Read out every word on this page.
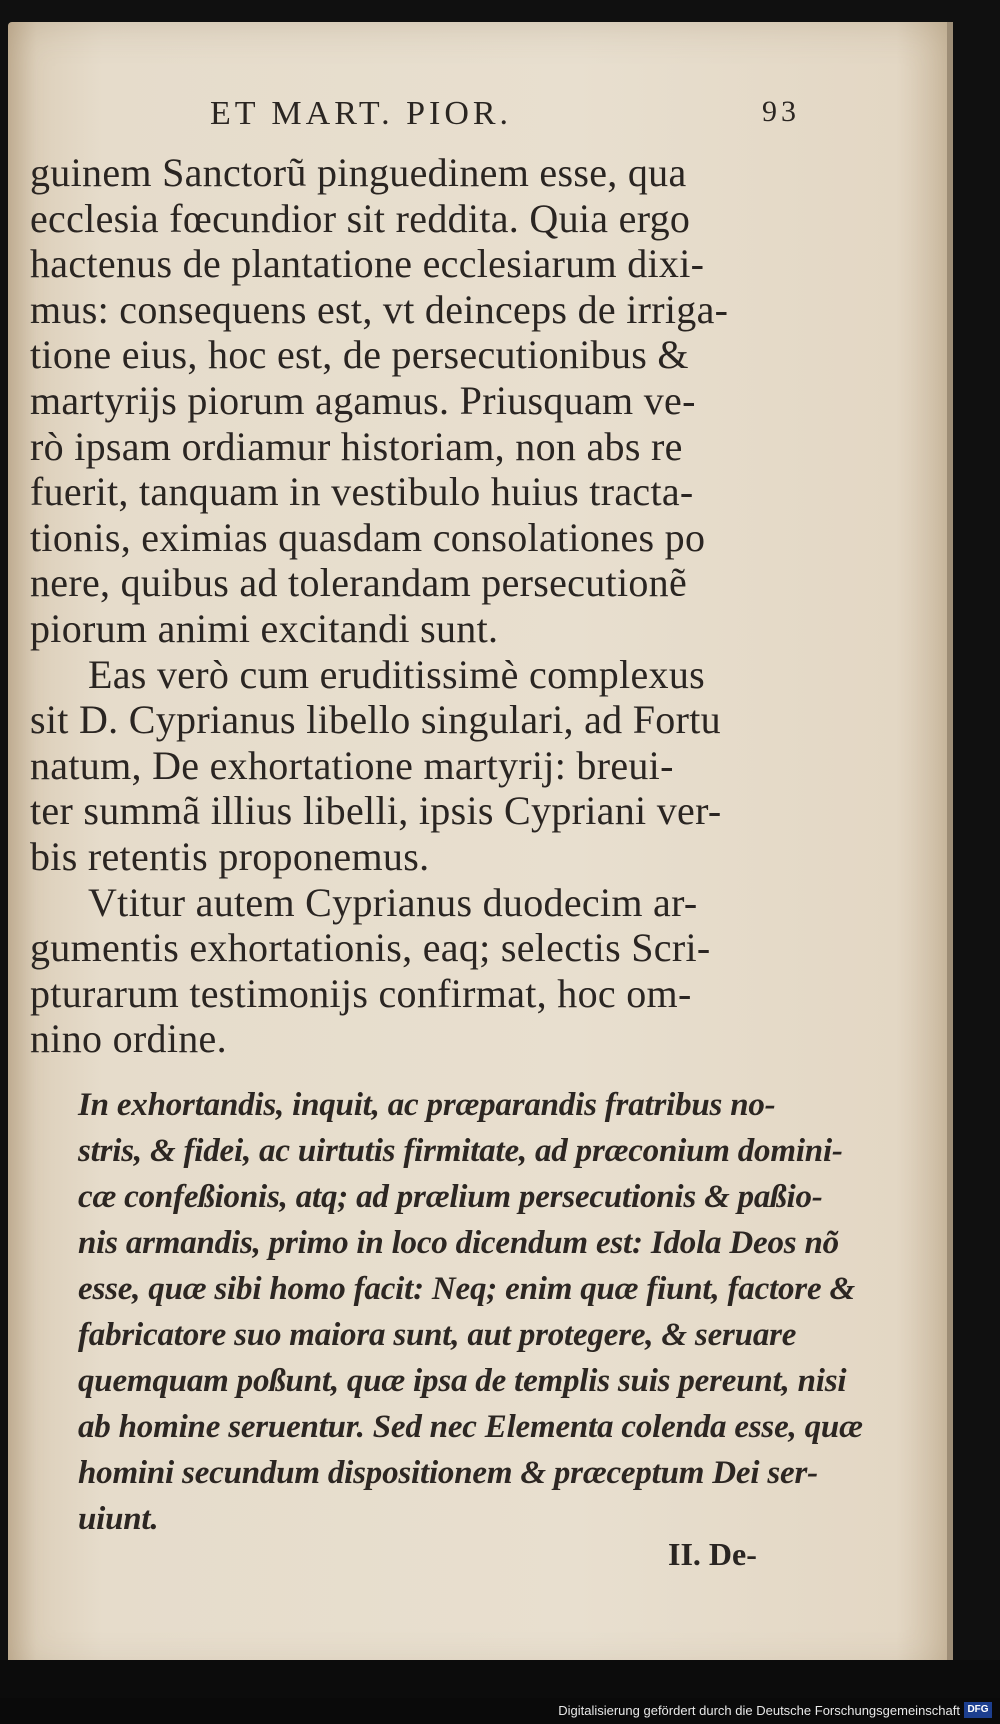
ET MART. PIOR.	93
guinem Sanctorũ pinguedinem esse, qua
ecclesia fœcundior sit reddita. Quia ergo
hactenus de plantatione ecclesiarum dixi-
mus: consequens est, vt deinceps de irriga-
tione eius, hoc est, de persecutionibus &
martyrijs piorum agamus. Priusquam ve-
rò ipsam ordiamur historiam, non abs re
fuerit, tanquam in vestibulo huius tracta-
tionis, eximias quasdam consolationes po
nere, quibus ad tolerandam persecutionẽ
piorum animi excitandi sunt.
Eas verò cum eruditissimè complexus
sit D. Cyprianus libello singulari, ad Fortu
natum, De exhortatione martyrij: breui-
ter summã illius libelli, ipsis Cypriani ver-
bis retentis proponemus.
Vtitur autem Cyprianus duodecim ar-
gumentis exhortationis, eaq; selectis Scri-
pturarum testimonijs confirmat, hoc om-
nino ordine.
In exhortandis, inquit, ac præparandis fratribus no-
stris, & fidei, ac uirtutis firmitate, ad præconium domini-
cæ confeßionis, atq; ad prælium persecutionis & paßio-
nis armandis, primo in loco dicendum est: Idola Deos nõ
esse, quæ sibi homo facit: Neq; enim quæ fiunt, factore &
fabricatore suo maiora sunt, aut protegere, & seruare
quemquam poßunt, quæ ipsa de templis suis pereunt, nisi
ab homine seruentur. Sed nec Elementa colenda esse, quæ
homini secundum dispositionem & præceptum Dei ser-
uiunt.
II. De-
Digitalisierung gefördert durch die Deutsche Forschungsgemeinschaft DFG
